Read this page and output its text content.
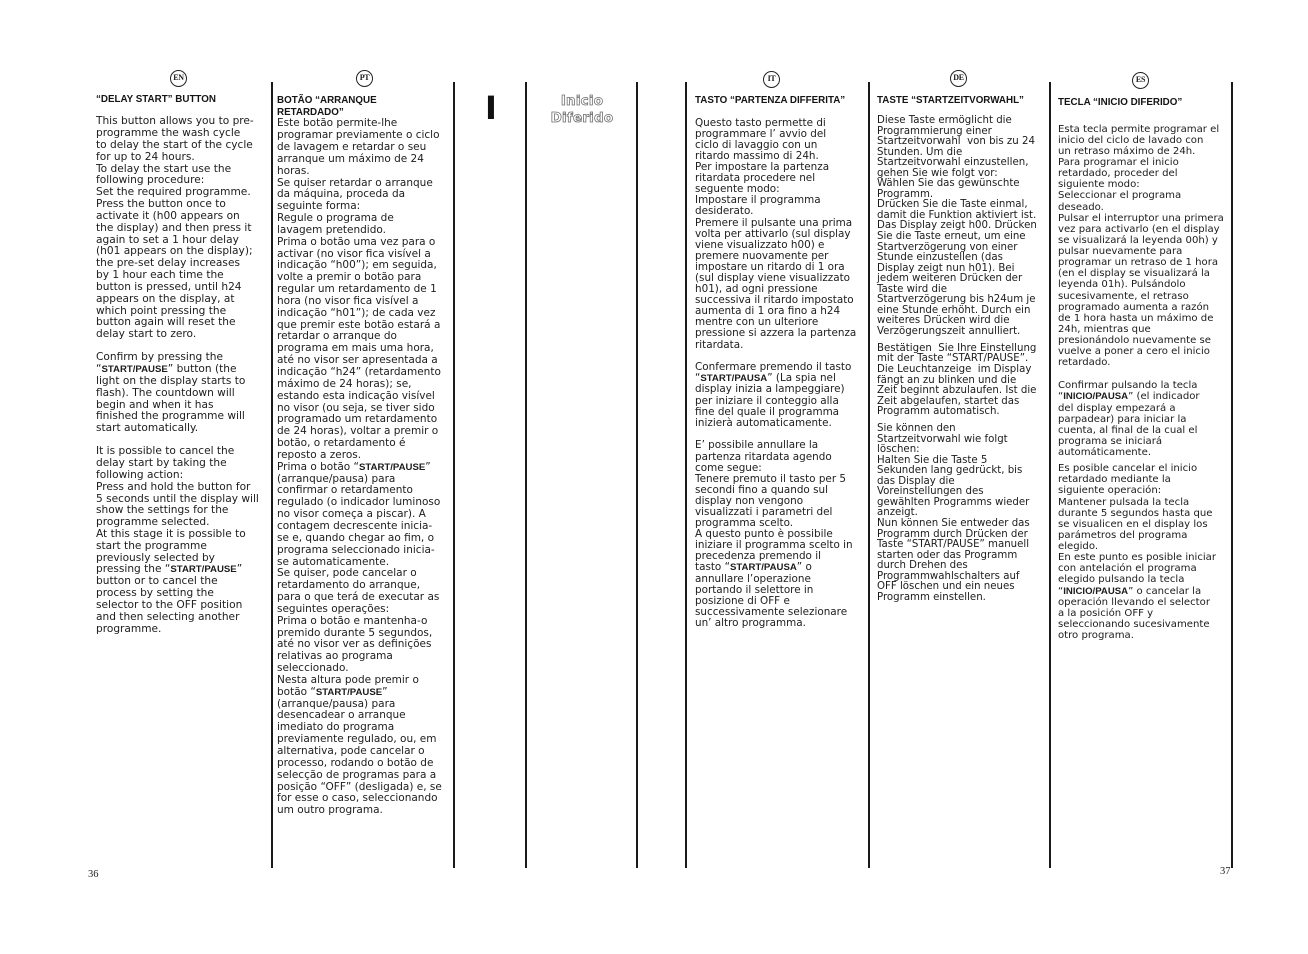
EN	PT	IT	DE	ES
I	Inicio
Diferido
“DELAY START” BUTTON
This button allows you to pre-
programme the wash cycle
to delay the start of the cycle
for up to 24 hours.
To delay the start use the
following procedure:
Set the required programme.
Press the button once to
activate it (h00 appears on
the display) and then press it
again to set a 1 hour delay
(h01 appears on the display);
the pre-set delay increases
by 1 hour each time the
button is pressed, until h24
appears on the display, at
which point pressing the
button again will reset the
delay start to zero.
Confirm by pressing the
“START/PAUSE” button (the
light on the display starts to
flash). The countdown will
begin and when it has
finished the programme will
start automatically.
It is possible to cancel the
delay start by taking the
following action:
Press and hold the button for
5 seconds until the display will
show the settings for the
programme selected.
At this stage it is possible to
start the programme
previously selected by
pressing the “START/PAUSE”
button or to cancel the
process by setting the
selector to the OFF position
and then selecting another
programme.
BOTÃO “ARRANQUE
RETARDADO”
Este botão permite-lhe
programar previamente o ciclo
de lavagem e retardar o seu
arranque um máximo de 24
horas.
Se quiser retardar o arranque
da máquina, proceda da
seguinte forma:
Regule o programa de
lavagem pretendido.
Prima o botão uma vez para o
activar (no visor fica visível a
indicação “h00”); em seguida,
volte a premir o botão para
regular um retardamento de 1
hora (no visor fica visível a
indicação “h01”); de cada vez
que premir este botão estará a
retardar o arranque do
programa em mais uma hora,
até no visor ser apresentada a
indicação “h24” (retardamento
máximo de 24 horas); se,
estando esta indicação visível
no visor (ou seja, se tiver sido
programado um retardamento
de 24 horas), voltar a premir o
botão, o retardamento é
reposto a zeros.
Prima o botão “START/PAUSE”
(arranque/pausa) para
confirmar o retardamento
regulado (o indicador luminoso
no visor começa a piscar). A
contagem decrescente inicia-
se e, quando chegar ao fim, o
programa seleccionado inicia-
se automaticamente.
Se quiser, pode cancelar o
retardamento do arranque,
para o que terá de executar as
seguintes operações:
Prima o botão e mantenha-o
premido durante 5 segundos,
até no visor ver as definições
relativas ao programa
seleccionado.
Nesta altura pode premir o
botão “START/PAUSE”
(arranque/pausa) para
desencadear o arranque
imediato do programa
previamente regulado, ou, em
alternativa, pode cancelar o
processo, rodando o botão de
selecção de programas para a
posição “OFF” (desligada) e, se
for esse o caso, seleccionando
um outro programa.
TASTO “PARTENZA DIFFERITA”
Questo tasto permette di
programmare l’ avvio del
ciclo di lavaggio con un
ritardo massimo di 24h.
Per impostare la partenza
ritardata procedere nel
seguente modo:
Impostare il programma
desiderato.
Premere il pulsante una prima
volta per attivarlo (sul display
viene visualizzato h00) e
premere nuovamente per
impostare un ritardo di 1 ora
(sul display viene visualizzato
h01), ad ogni pressione
successiva il ritardo impostato
aumenta di 1 ora fino a h24
mentre con un ulteriore
pressione si azzera la partenza
ritardata.
Confermare premendo il tasto
“START/PAUSA” (La spia nel
display inizia a lampeggiare)
per iniziare il conteggio alla
fine del quale il programma
inizierà automaticamente.
E’ possibile annullare la
partenza ritardata agendo
come segue:
Tenere premuto il tasto per 5
secondi fino a quando sul
display non vengono
visualizzati i parametri del
programma scelto.
A questo punto è possibile
iniziare il programma scelto in
precedenza premendo il
tasto “START/PAUSA” o
annullare l’operazione
portando il selettore in
posizione di OFF e
successivamente selezionare
un’ altro programma.
TASTE “STARTZEITVORWAHL”
Diese Taste ermöglicht die
Programmierung einer
Startzeitvorwahl  von bis zu 24
Stunden. Um die
Startzeitvorwahl einzustellen,
gehen Sie wie folgt vor:
Wählen Sie das gewünschte
Programm.
Drücken Sie die Taste einmal,
damit die Funktion aktiviert ist.
Das Display zeigt h00. Drücken
Sie die Taste erneut, um eine
Startverzögerung von einer
Stunde einzustellen (das
Display zeigt nun h01). Bei
jedem weiteren Drücken der
Taste wird die
Startverzögerung bis h24um je
eine Stunde erhöht. Durch ein
weiteres Drücken wird die
Verzögerungszeit annulliert.
Bestätigen  Sie Ihre Einstellung
mit der Taste “START/PAUSE”.
Die Leuchtanzeige  im Display
fängt an zu blinken und die
Zeit beginnt abzulaufen. Ist die
Zeit abgelaufen, startet das
Programm automatisch.
Sie können den
Startzeitvorwahl wie folgt
löschen:
Halten Sie die Taste 5
Sekunden lang gedrückt, bis
das Display die
Voreinstellungen des
gewählten Programms wieder
anzeigt.
Nun können Sie entweder das
Programm durch Drücken der
Taste “START/PAUSE” manuell
starten oder das Programm
durch Drehen des
Programmwahlschalters auf
OFF löschen und ein neues
Programm einstellen.
TECLA “INICIO DIFERIDO”
Esta tecla permite programar el
inicio del ciclo de lavado con
un retraso máximo de 24h.
Para programar el inicio
retardado, proceder del
siguiente modo:
Seleccionar el programa
deseado.
Pulsar el interruptor una primera
vez para activarlo (en el display
se visualizará la leyenda 00h) y
pulsar nuevamente para
programar un retraso de 1 hora
(en el display se visualizará la
leyenda 01h). Pulsándolo
sucesivamente, el retraso
programado aumenta a razón
de 1 hora hasta un máximo de
24h, mientras que
presionándolo nuevamente se
vuelve a poner a cero el inicio
retardado.
Confirmar pulsando la tecla
“INICIO/PAUSA” (el indicador
del display empezará a
parpadear) para iniciar la
cuenta, al final de la cual el
programa se iniciará
automáticamente.
Es posible cancelar el inicio
retardado mediante la
siguiente operación:
Mantener pulsada la tecla
durante 5 segundos hasta que
se visualicen en el display los
parámetros del programa
elegido.
En este punto es posible iniciar
con antelación el programa
elegido pulsando la tecla
“INICIO/PAUSA” o cancelar la
operación llevando el selector
a la posición OFF y
seleccionando sucesivamente
otro programa.
36	37
